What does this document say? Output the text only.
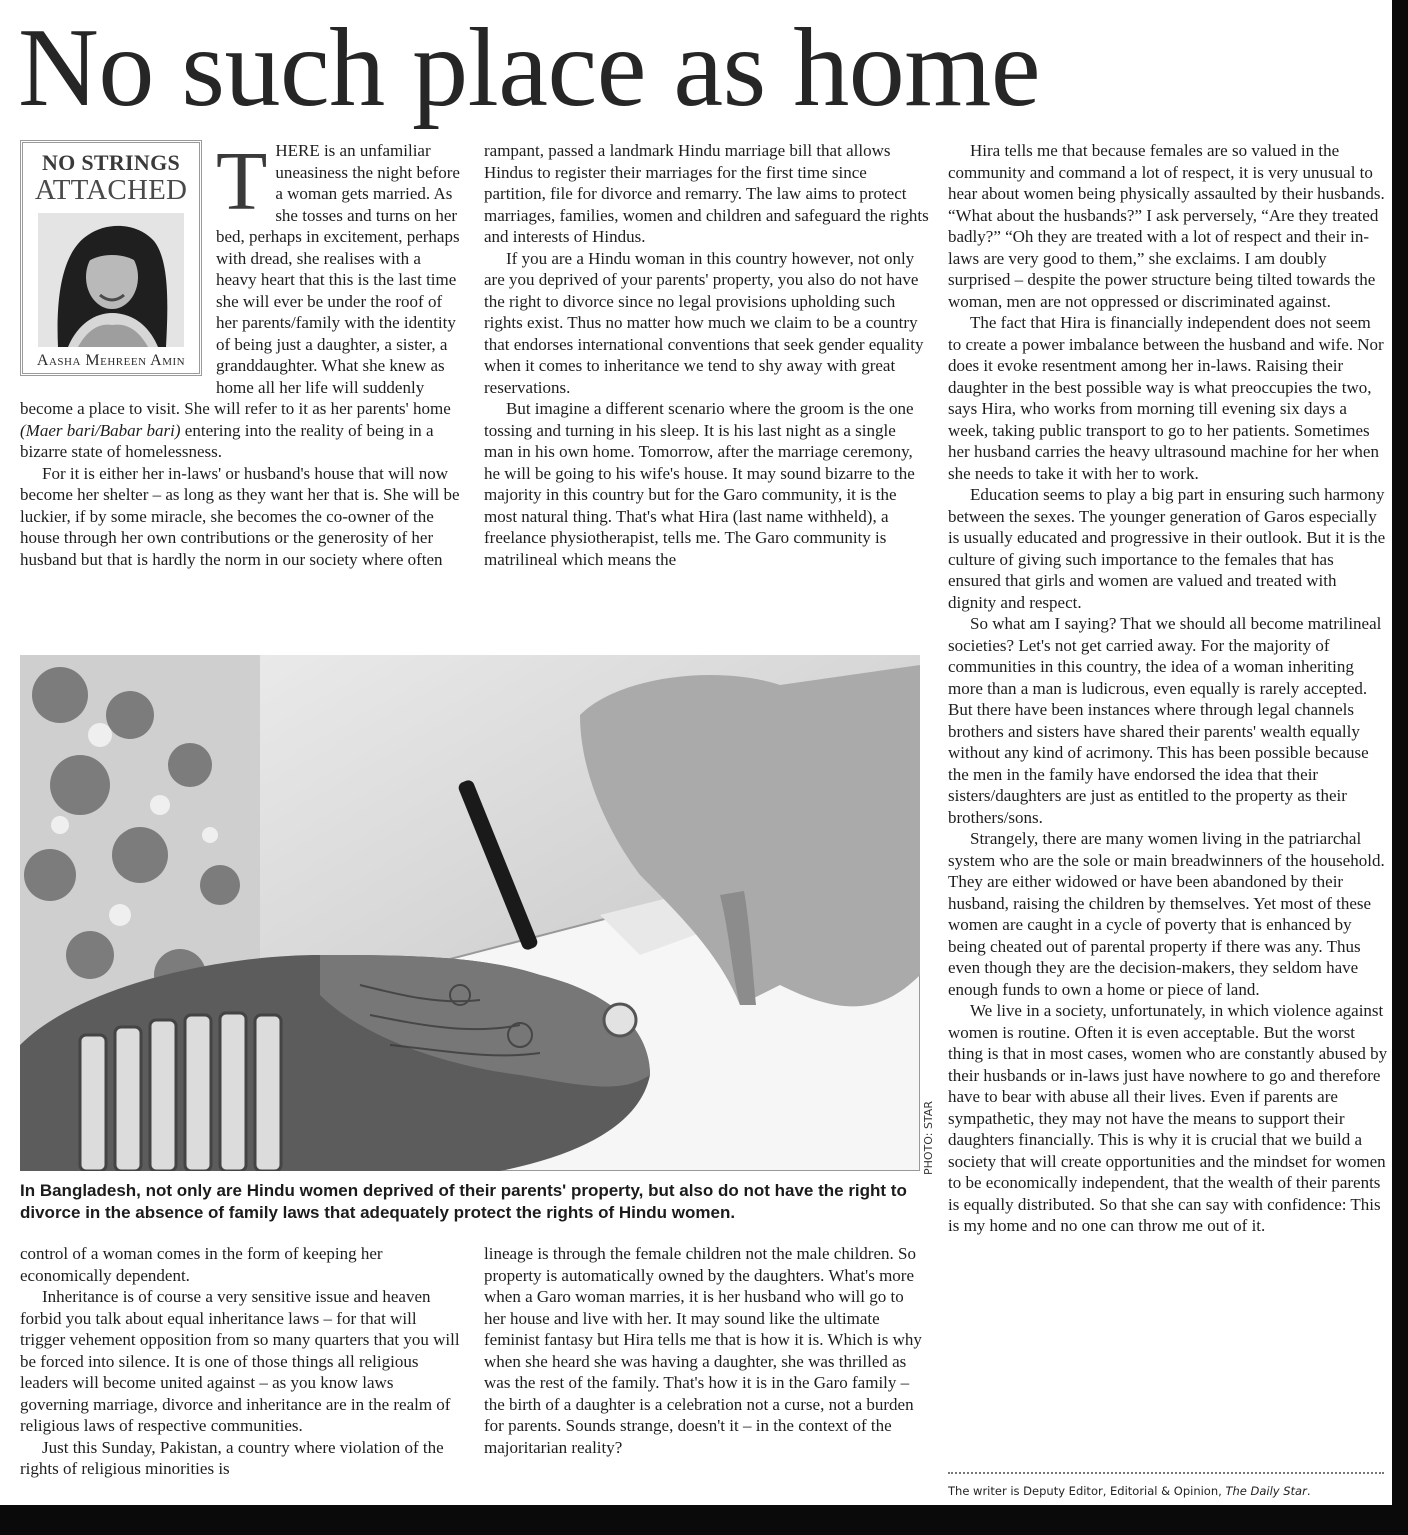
No such place as home
NO STRINGS
ATTACHED
Aasha Mehreen Amin

THERE is an unfamiliar uneasiness the night before a woman gets married. As she tosses and turns on her bed, perhaps in excitement, perhaps with dread, she realises with a heavy heart that this is the last time she will ever be under the roof of her parents/family with the identity of being just a daughter, a sister, a granddaughter. What she knew as home all her life will suddenly become a place to visit. She will refer to it as her parents' home (Maer bari/Babar bari) entering into the reality of being in a bizarre state of homelessness.

For it is either her in-laws' or husband's house that will now become her shelter – as long as they want her that is. She will be luckier, if by some miracle, she becomes the co-owner of the house through her own contributions or the generosity of her husband but that is hardly the norm in our society where often

rampant, passed a landmark Hindu marriage bill that allows Hindus to register their marriages for the first time since partition, file for divorce and remarry. The law aims to protect marriages, families, women and children and safeguard the rights and interests of Hindus.

If you are a Hindu woman in this country however, not only are you deprived of your parents' property, you also do not have the right to divorce since no legal provisions upholding such rights exist. Thus no matter how much we claim to be a country that endorses international conventions that seek gender equality when it comes to inheritance we tend to shy away with great reservations.

But imagine a different scenario where the groom is the one tossing and turning in his sleep. It is his last night as a single man in his own home. Tomorrow, after the marriage ceremony, he will be going to his wife's house. It may sound bizarre to the majority in this country but for the Garo community, it is the most natural thing. That's what Hira (last name withheld), a freelance physiotherapist, tells me. The Garo community is matrilineal which means the

PHOTO: STAR

In Bangladesh, not only are Hindu women deprived of their parents' property, but also do not have the right to divorce in the absence of family laws that adequately protect the rights of Hindu women.

control of a woman comes in the form of keeping her economically dependent.

Inheritance is of course a very sensitive issue and heaven forbid you talk about equal inheritance laws – for that will trigger vehement opposition from so many quarters that you will be forced into silence. It is one of those things all religious leaders will become united against – as you know laws governing marriage, divorce and inheritance are in the realm of religious laws of respective communities.

Just this Sunday, Pakistan, a country where violation of the rights of religious minorities is

lineage is through the female children not the male children. So property is automatically owned by the daughters. What's more when a Garo woman marries, it is her husband who will go to her house and live with her. It may sound like the ultimate feminist fantasy but Hira tells me that is how it is. Which is why when she heard she was having a daughter, she was thrilled as was the rest of the family. That's how it is in the Garo family – the birth of a daughter is a celebration not a curse, not a burden for parents. Sounds strange, doesn't it – in the context of the majoritarian reality?

Hira tells me that because females are so valued in the community and command a lot of respect, it is very unusual to hear about women being physically assaulted by their husbands. “What about the husbands?” I ask perversely, “Are they treated badly?” “Oh they are treated with a lot of respect and their in-laws are very good to them,” she exclaims. I am doubly surprised – despite the power structure being tilted towards the woman, men are not oppressed or discriminated against.

The fact that Hira is financially independent does not seem to create a power imbalance between the husband and wife. Nor does it evoke resentment among her in-laws. Raising their daughter in the best possible way is what preoccupies the two, says Hira, who works from morning till evening six days a week, taking public transport to go to her patients. Sometimes her husband carries the heavy ultrasound machine for her when she needs to take it with her to work.

Education seems to play a big part in ensuring such harmony between the sexes. The younger generation of Garos especially is usually educated and progressive in their outlook. But it is the culture of giving such importance to the females that has ensured that girls and women are valued and treated with dignity and respect.

So what am I saying? That we should all become matrilineal societies? Let's not get carried away. For the majority of communities in this country, the idea of a woman inheriting more than a man is ludicrous, even equally is rarely accepted. But there have been instances where through legal channels brothers and sisters have shared their parents' wealth equally without any kind of acrimony. This has been possible because the men in the family have endorsed the idea that their sisters/daughters are just as entitled to the property as their brothers/sons.

Strangely, there are many women living in the patriarchal system who are the sole or main breadwinners of the household. They are either widowed or have been abandoned by their husband, raising the children by themselves. Yet most of these women are caught in a cycle of poverty that is enhanced by being cheated out of parental property if there was any. Thus even though they are the decision-makers, they seldom have enough funds to own a home or piece of land.

We live in a society, unfortunately, in which violence against women is routine. Often it is even acceptable. But the worst thing is that in most cases, women who are constantly abused by their husbands or in-laws just have nowhere to go and therefore have to bear with abuse all their lives. Even if parents are sympathetic, they may not have the means to support their daughters financially. This is why it is crucial that we build a society that will create opportunities and the mindset for women to be economically independent, that the wealth of their parents is equally distributed. So that she can say with confidence: This is my home and no one can throw me out of it.

The writer is Deputy Editor, Editorial & Opinion, The Daily Star.
